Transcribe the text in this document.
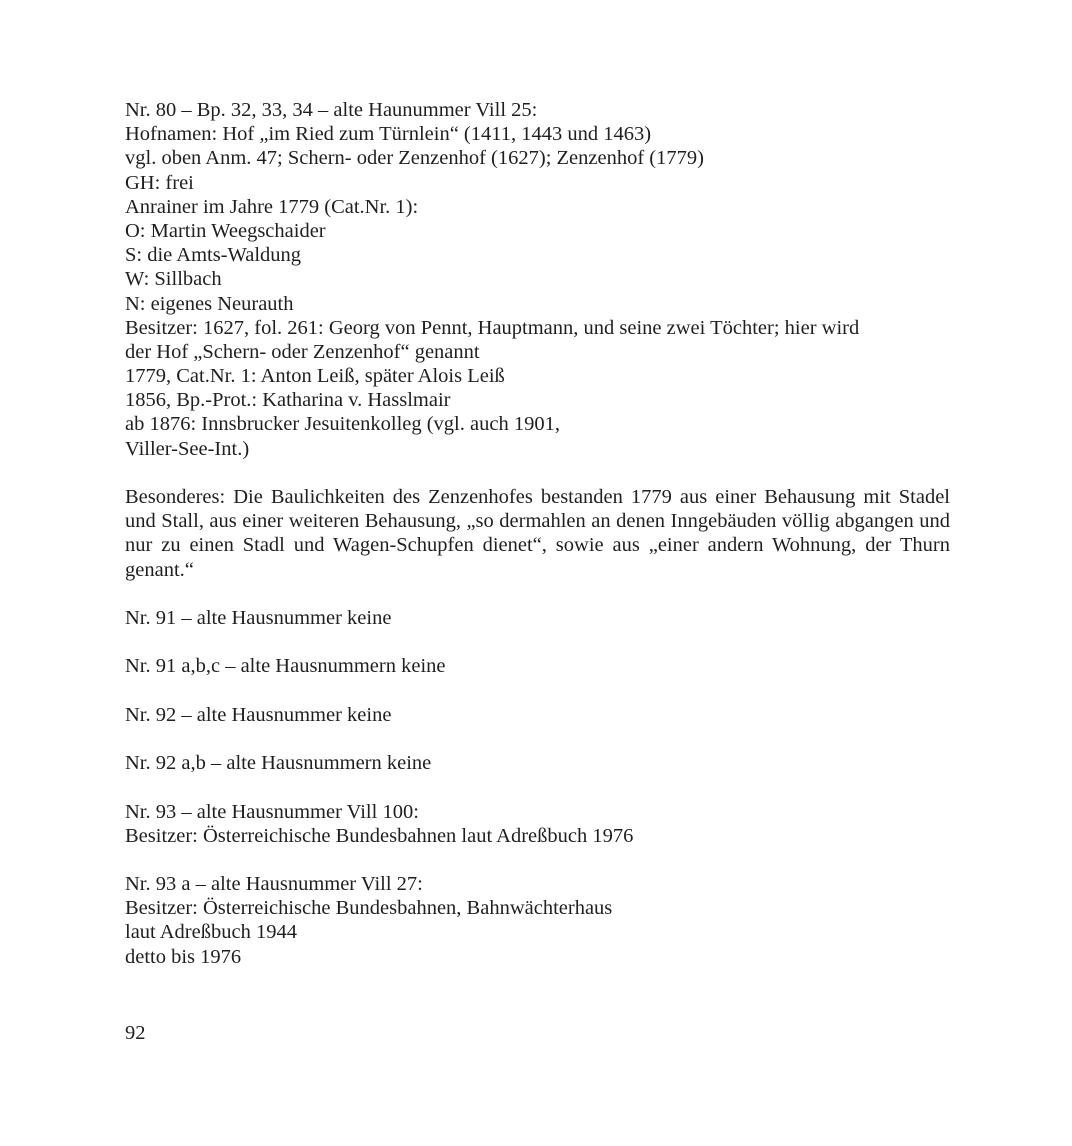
Nr. 80 – Bp. 32, 33, 34 – alte Haunummer Vill 25:
Hofnamen: Hof „im Ried zum Türnlein“ (1411, 1443 und 1463)
vgl. oben Anm. 47; Schern- oder Zenzenhof (1627); Zenzenhof (1779)
GH: frei
Anrainer im Jahre 1779 (Cat.Nr. 1):
O: Martin Weegschaider
S: die Amts-Waldung
W: Sillbach
N: eigenes Neurauth
Besitzer: 1627, fol. 261: Georg von Pennt, Hauptmann, und seine zwei Töchter; hier wird
der Hof „Schern- oder Zenzenhof“ genannt
1779, Cat.Nr. 1: Anton Leiß, später Alois Leiß
1856, Bp.-Prot.: Katharina v. Hasslmair
ab 1876: Innsbrucker Jesuitenkolleg (vgl. auch 1901,
Viller-See-Int.)
Besonderes: Die Baulichkeiten des Zenzenhofes bestanden 1779 aus einer Behausung mit Stadel und Stall, aus einer weiteren Behausung, „so dermahlen an denen Inngebäuden völlig abgangen und nur zu einen Stadl und Wagen-Schupfen dienet“, sowie aus „einer andern Wohnung, der Thurn genant.“
Nr. 91 – alte Hausnummer keine
Nr. 91 a,b,c – alte Hausnummern keine
Nr. 92 – alte Hausnummer keine
Nr. 92 a,b – alte Hausnummern keine
Nr. 93 – alte Hausnummer Vill 100:
Besitzer: Österreichische Bundesbahnen laut Adreßbuch 1976
Nr. 93 a – alte Hausnummer Vill 27:
Besitzer: Österreichische Bundesbahnen, Bahnwächterhaus
laut Adreßbuch 1944
detto bis 1976
92
